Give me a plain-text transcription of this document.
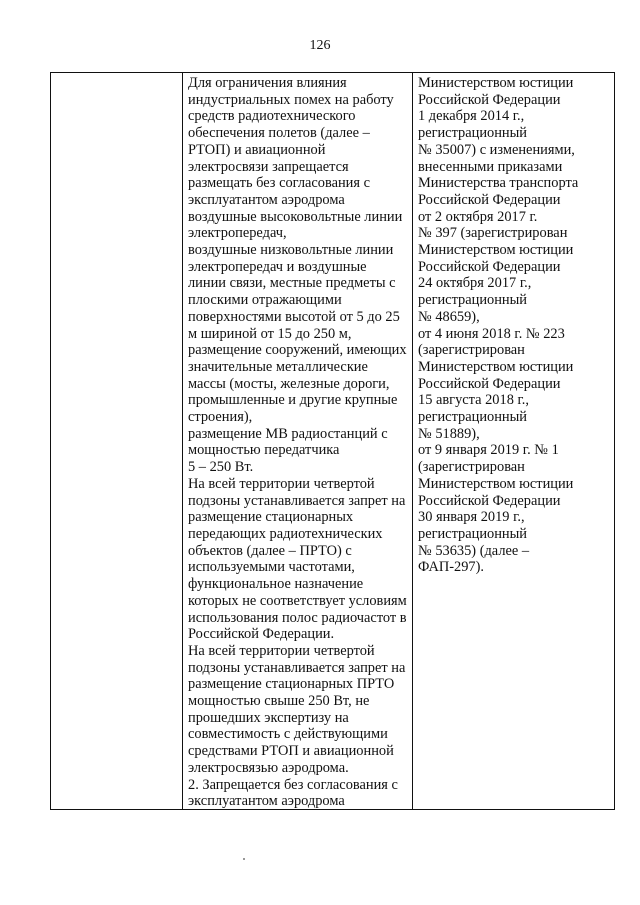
126
Для ограничения влияния
индустриальных помех на работу
средств радиотехнического
обеспечения полетов (далее –
РТОП) и авиационной
электросвязи запрещается
размещать без согласования с
эксплуатантом аэродрома
воздушные высоковольтные линии
электропередач,
воздушные низковольтные линии
электропередач и воздушные
линии связи, местные предметы с
плоскими отражающими
поверхностями высотой от 5 до 25
м шириной от 15 до 250 м,
размещение сооружений, имеющих
значительные металлические
массы (мосты, железные дороги,
промышленные и другие крупные
строения),
размещение МВ радиостанций с
мощностью передатчика
5 – 250 Вт.
На всей территории четвертой
подзоны устанавливается запрет на
размещение стационарных
передающих радиотехнических
объектов (далее – ПРТО) с
используемыми частотами,
функциональное назначение
которых не соответствует условиям
использования полос радиочастот в
Российской Федерации.
На всей территории четвертой
подзоны устанавливается запрет на
размещение стационарных ПРТО
мощностью свыше 250 Вт, не
прошедших экспертизу на
совместимость с действующими
средствами РТОП и авиационной
электросвязью аэродрома.
2. Запрещается без согласования с
эксплуатантом аэродрома
Министерством юстиции
Российской Федерации
1 декабря 2014 г.,
регистрационный
№ 35007) с изменениями,
внесенными приказами
Министерства транспорта
Российской Федерации
от 2 октября 2017 г.
№ 397 (зарегистрирован
Министерством юстиции
Российской Федерации
24 октября 2017 г.,
регистрационный
№ 48659),
от 4 июня 2018 г. № 223
(зарегистрирован
Министерством юстиции
Российской Федерации
15 августа 2018 г.,
регистрационный
№ 51889),
от 9 января 2019 г. № 1
(зарегистрирован
Министерством юстиции
Российской Федерации
30 января 2019 г.,
регистрационный
№ 53635) (далее –
ФАП-297).
